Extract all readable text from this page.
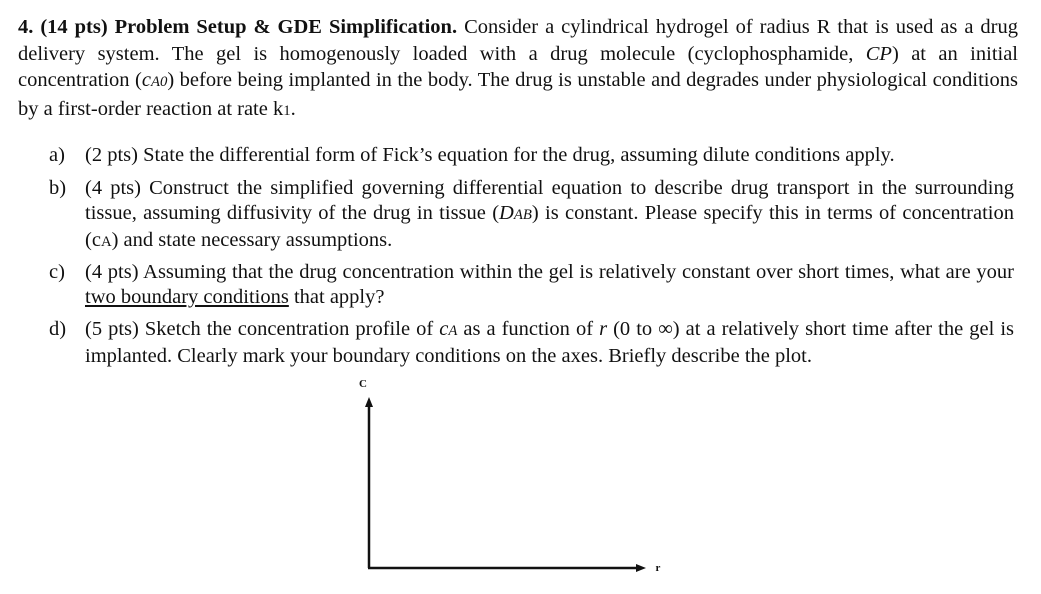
4. (14 pts) Problem Setup & GDE Simplification. Consider a cylindrical hydrogel of radius R that is used as a drug delivery system. The gel is homogenously loaded with a drug molecule (cyclophosphamide, CP) at an initial concentration (cA0) before being implanted in the body. The drug is unstable and degrades under physiological conditions by a first-order reaction at rate k1.
a) (2 pts) State the differential form of Fick’s equation for the drug, assuming dilute conditions apply.
b) (4 pts) Construct the simplified governing differential equation to describe drug transport in the surrounding tissue, assuming diffusivity of the drug in tissue (DAB) is constant. Please specify this in terms of concentration (cA) and state necessary assumptions.
c) (4 pts) Assuming that the drug concentration within the gel is relatively constant over short times, what are your two boundary conditions that apply?
d) (5 pts) Sketch the concentration profile of cA as a function of r (0 to ∞) at a relatively short time after the gel is implanted. Clearly mark your boundary conditions on the axes. Briefly describe the plot.
C
r
